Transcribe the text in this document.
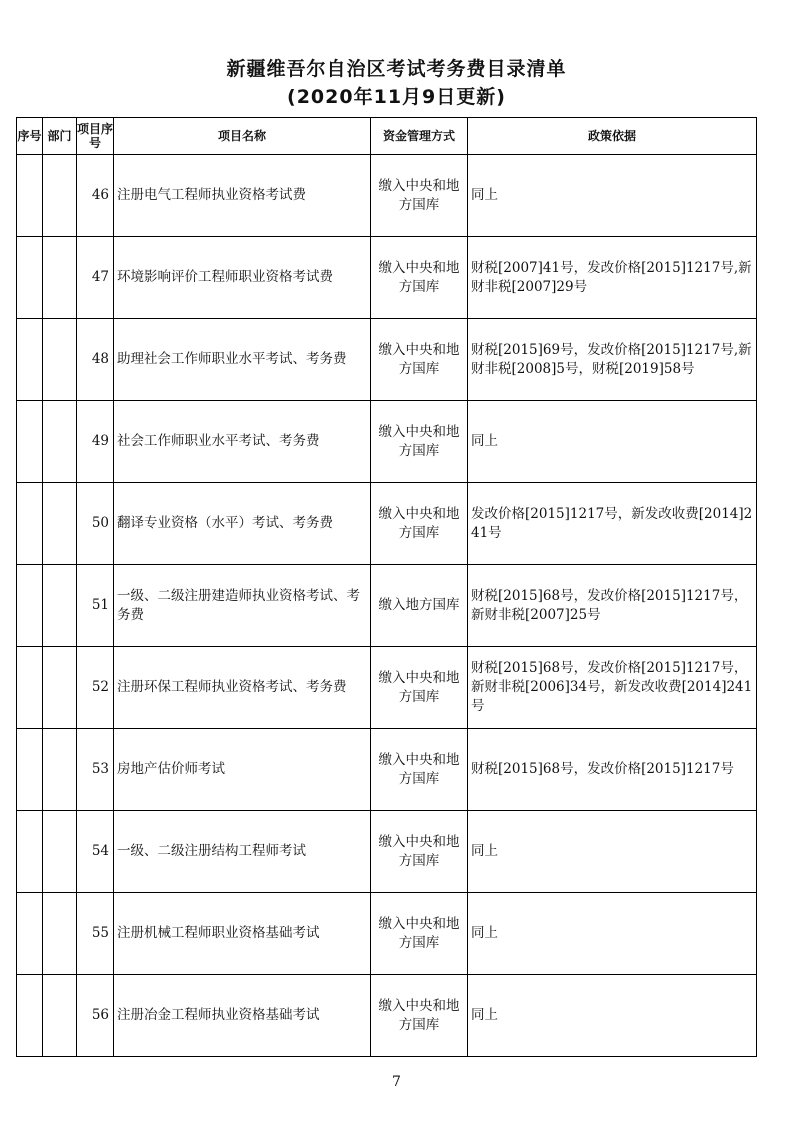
新疆维吾尔自治区考试考务费目录清单
(2020年11月9日更新)
序号	部门	项目序号	项目名称	资金管理方式	政策依据
		46	注册电气工程师执业资格考试费	缴入中央和地方国库	同上
		47	环境影响评价工程师职业资格考试费	缴入中央和地方国库	财税[2007]41号，发改价格[2015]1217号,新财非税[2007]29号
		48	助理社会工作师职业水平考试、考务费	缴入中央和地方国库	财税[2015]69号，发改价格[2015]1217号,新财非税[2008]5号，财税[2019]58号
		49	社会工作师职业水平考试、考务费	缴入中央和地方国库	同上
		50	翻译专业资格（水平）考试、考务费	缴入中央和地方国库	发改价格[2015]1217号，新发改收费[2014]241号
		51	一级、二级注册建造师执业资格考试、考务费	缴入地方国库	财税[2015]68号，发改价格[2015]1217号，新财非税[2007]25号
		52	注册环保工程师执业资格考试、考务费	缴入中央和地方国库	财税[2015]68号，发改价格[2015]1217号，新财非税[2006]34号，新发改收费[2014]241号
		53	房地产估价师考试	缴入中央和地方国库	财税[2015]68号，发改价格[2015]1217号
		54	一级、二级注册结构工程师考试	缴入中央和地方国库	同上
		55	注册机械工程师职业资格基础考试	缴入中央和地方国库	同上
		56	注册冶金工程师执业资格基础考试	缴入中央和地方国库	同上
7
